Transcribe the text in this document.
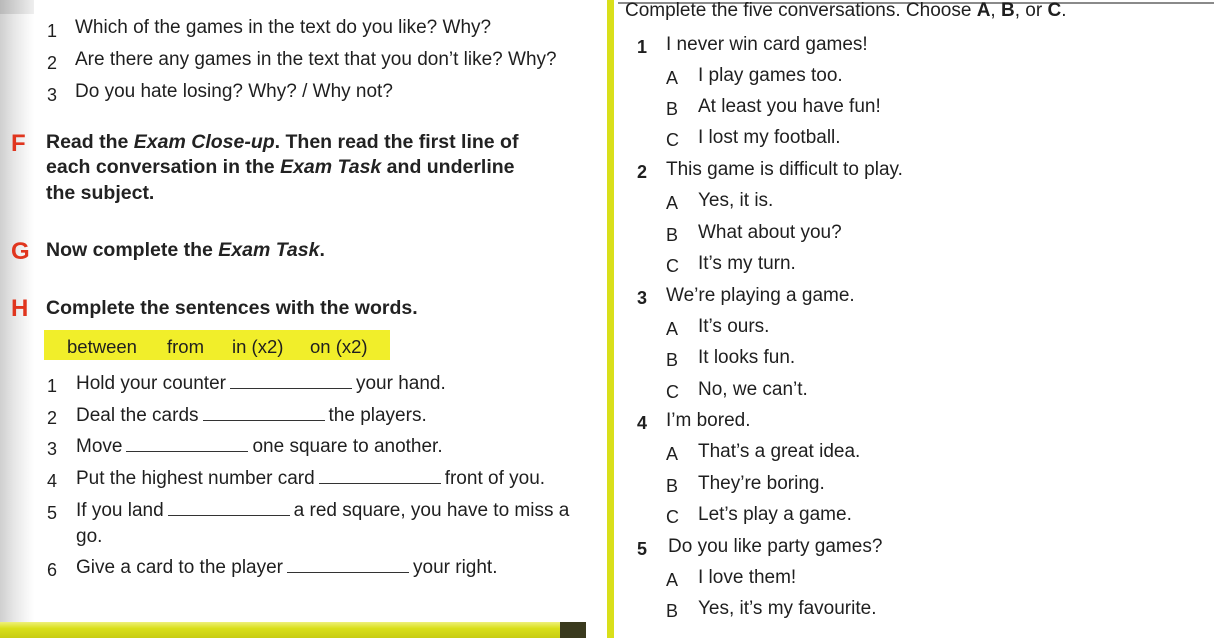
1 Which of the games in the text do you like? Why?
2 Are there any games in the text that you don’t like? Why?
3 Do you hate losing? Why? / Why not?
F Read the Exam Close-up. Then read the first line of
each conversation in the Exam Task and underline
the subject.
G Now complete the Exam Task.
H Complete the sentences with the words.
between from in (x2) on (x2)
1 Hold your counter	your hand.
2 Deal the cards	the players.
3 Move	one square to another.
4 Put the highest number card	front of you.
5 If you land	a red square, you have to miss a
go.
6 Give a card to the player	your right.
Complete the five conversations. Choose A, B, or C.
1 I never win card games!
A I play games too.
B At least you have fun!
C I lost my football.
2 This game is difficult to play.
A Yes, it is.
B What about you?
C It’s my turn.
3 We’re playing a game.
A It’s ours.
B It looks fun.
C No, we can’t.
4 I’m bored.
A That’s a great idea.
B They’re boring.
C Let’s play a game.
5 Do you like party games?
A I love them!
B Yes, it’s my favourite.
